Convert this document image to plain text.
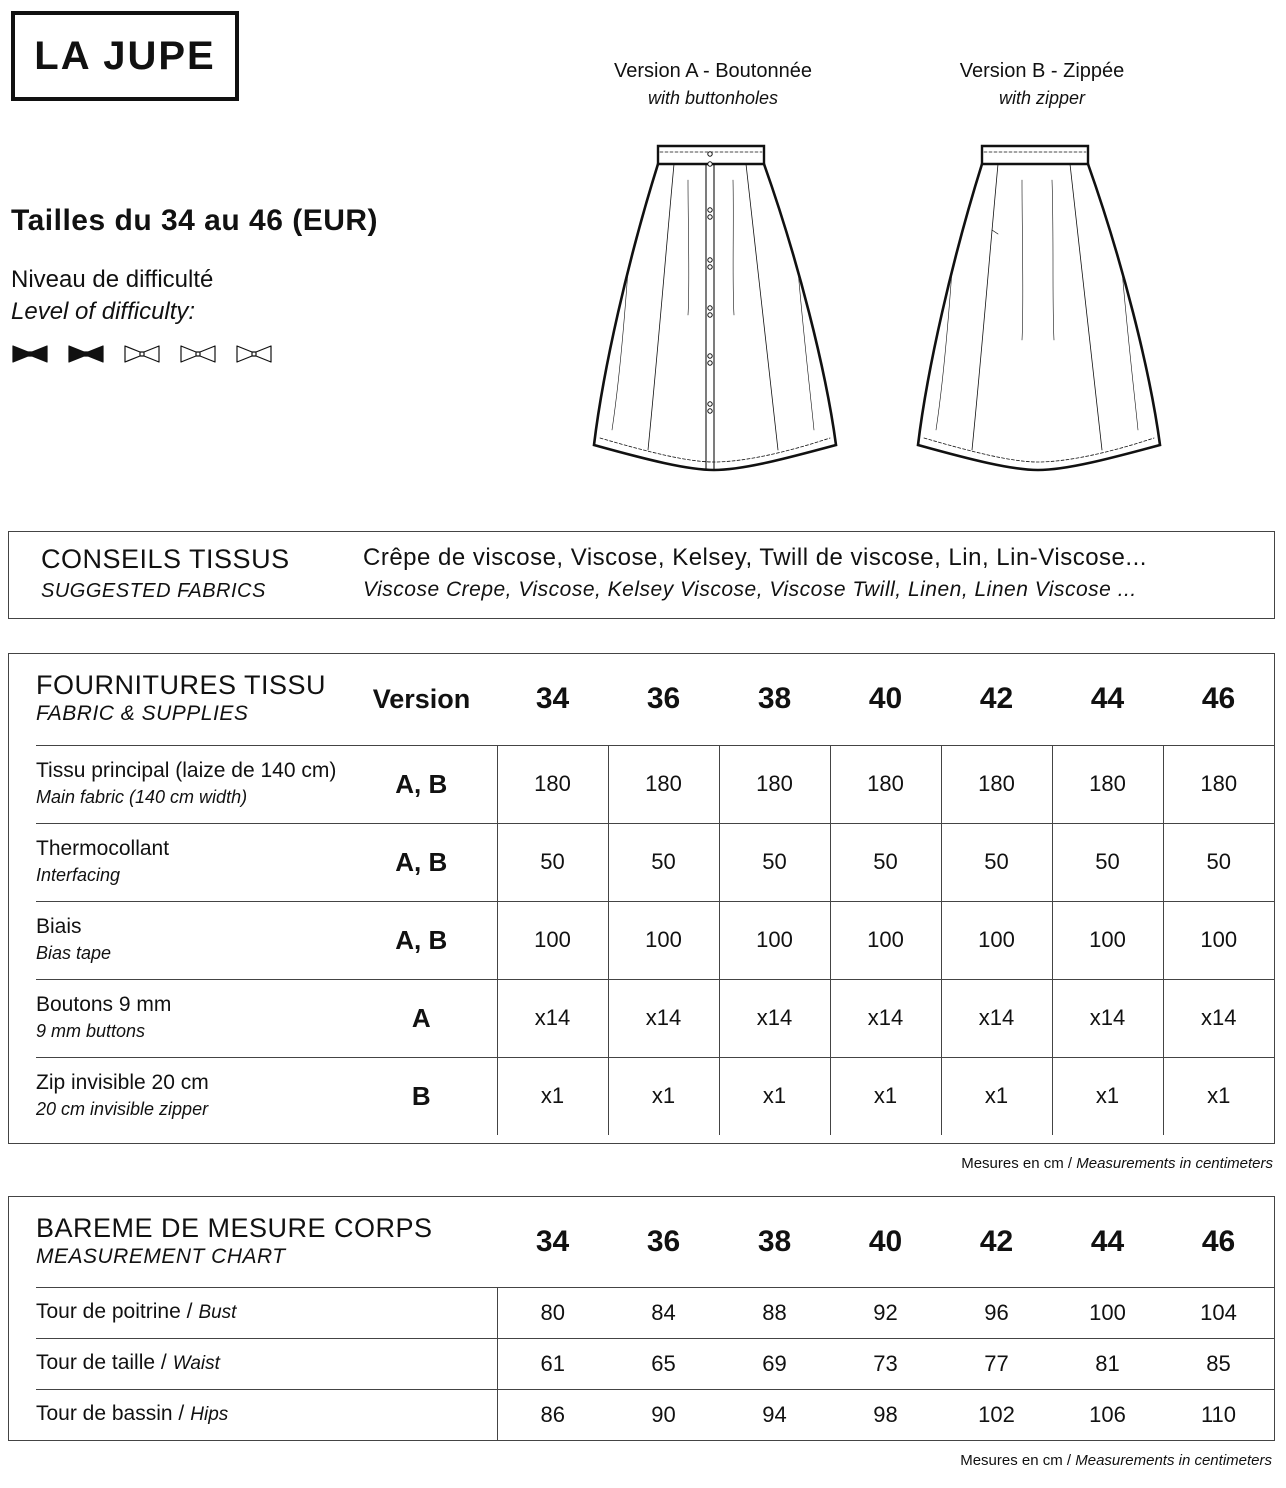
LA JUPE
Tailles du 34 au 46 (EUR)
Niveau de difficulté
Level of difficulty:
Version A - Boutonnée
with buttonholes
Version B - Zippée
with zipper
CONSEILS TISSUS
SUGGESTED FABRICS
Crêpe de viscose, Viscose, Kelsey, Twill de viscose, Lin, Lin-Viscose...
Viscose Crepe, Viscose, Kelsey Viscose, Viscose Twill, Linen, Linen Viscose ...
FOURNITURES TISSU
FABRIC & SUPPLIES	Version	34	36	38	40	42	44	46

Tissu principal (laize de 140 cm)
Main fabric (140 cm width)	A, B	180	180	180	180	180	180	180

Thermocollant
Interfacing	A, B	50	50	50	50	50	50	50

Biais
Bias tape	A, B	100	100	100	100	100	100	100

Boutons 9 mm
9 mm buttons	A	x14	x14	x14	x14	x14	x14	x14

Zip invisible 20 cm
20 cm invisible zipper	B	x1	x1	x1	x1	x1	x1	x1
Mesures en cm / Measurements in centimeters
BAREME DE MESURE CORPS
MEASUREMENT CHART	34	36	38	40	42	44	46
Tour de poitrine / Bust	80	84	88	92	96	100	104
Tour de taille / Waist	61	65	69	73	77	81	85
Tour de bassin / Hips	86	90	94	98	102	106	110
Mesures en cm / Measurements in centimeters
